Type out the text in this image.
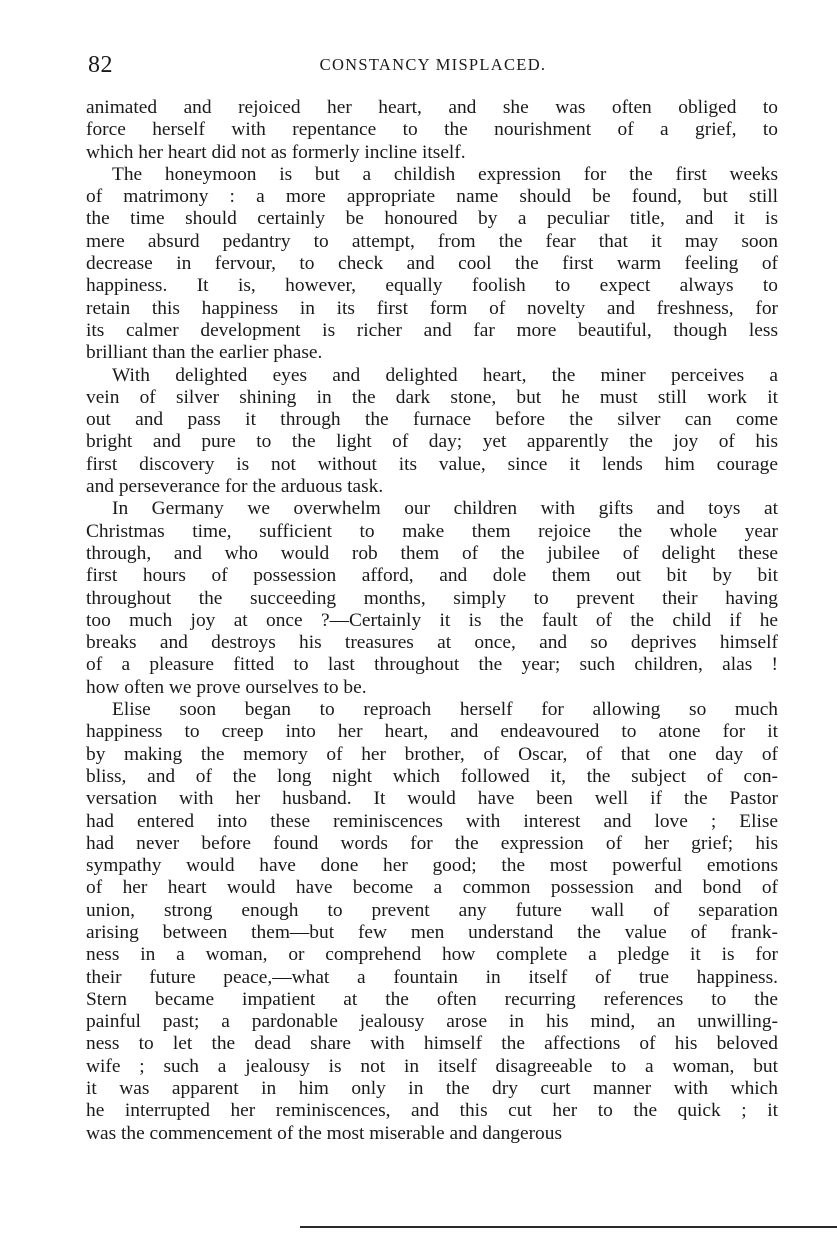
82	CONSTANCY MISPLACED.

animated and rejoiced her heart, and she was often obliged to
force herself with repentance to the nourishment of a grief, to
which her heart did not as formerly incline itself.

The honeymoon is but a childish expression for the first weeks
of matrimony : a more appropriate name should be found, but still
the time should certainly be honoured by a peculiar title, and it is
mere absurd pedantry to attempt, from the fear that it may soon
decrease in fervour, to check and cool the first warm feeling of
happiness. It is, however, equally foolish to expect always to
retain this happiness in its first form of novelty and freshness, for
its calmer development is richer and far more beautiful, though less
brilliant than the earlier phase.

With delighted eyes and delighted heart, the miner perceives a
vein of silver shining in the dark stone, but he must still work it
out and pass it through the furnace before the silver can come
bright and pure to the light of day; yet apparently the joy of his
first discovery is not without its value, since it lends him courage
and perseverance for the arduous task.

In Germany we overwhelm our children with gifts and toys at
Christmas time, sufficient to make them rejoice the whole year
through, and who would rob them of the jubilee of delight these
first hours of possession afford, and dole them out bit by bit
throughout the succeeding months, simply to prevent their having
too much joy at once ?—Certainly it is the fault of the child if he
breaks and destroys his treasures at once, and so deprives himself
of a pleasure fitted to last throughout the year; such children, alas !
how often we prove ourselves to be.

Elise soon began to reproach herself for allowing so much
happiness to creep into her heart, and endeavoured to atone for it
by making the memory of her brother, of Oscar, of that one day of
bliss, and of the long night which followed it, the subject of con-
versation with her husband. It would have been well if the Pastor
had entered into these reminiscences with interest and love ; Elise
had never before found words for the expression of her grief; his
sympathy would have done her good; the most powerful emotions
of her heart would have become a common possession and bond of
union, strong enough to prevent any future wall of separation
arising between them—but few men understand the value of frank-
ness in a woman, or comprehend how complete a pledge it is for
their future peace,—what a fountain in itself of true happiness.
Stern became impatient at the often recurring references to the
painful past; a pardonable jealousy arose in his mind, an unwilling-
ness to let the dead share with himself the affections of his beloved
wife ; such a jealousy is not in itself disagreeable to a woman, but
it was apparent in him only in the dry curt manner with which
he interrupted her reminiscences, and this cut her to the quick ; it
was the commencement of the most miserable and dangerous
